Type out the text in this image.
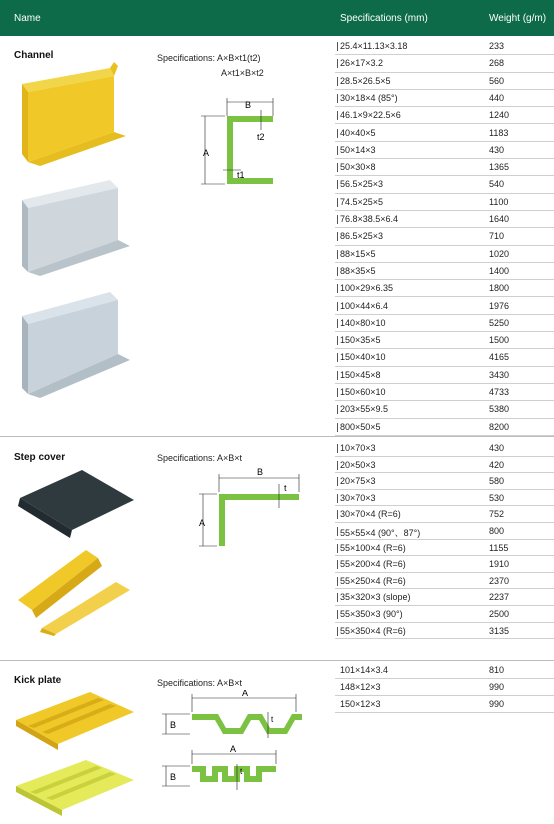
Name	Specifications (mm)	Weight (g/m)
Channel	Specifications: A×B×t1(t2)
A×t1×B×t2
B
A
t2
t1
25.4×11.13×3.18	233
26×17×3.2	268
28.5×26.5×5	560
30×18×4 (85°)	440
46.1×9×22.5×6	1240
40×40×5	1183
50×14×3	430
50×30×8	1365
56.5×25×3	540
74.5×25×5	1100
76.8×38.5×6.4	1640
86.5×25×3	710
88×15×5	1020
88×35×5	1400
100×29×6.35	1800
100×44×6.4	1976
140×80×10	5250
150×35×5	1500
150×40×10	4165
150×45×8	3430
150×60×10	4733
203×55×9.5	5380
800×50×5	8200
Step cover	Specifications: A×B×t
B
A
t
10×70×3	430
20×50×3	420
20×75×3	580
30×70×3	530
30×70×4 (R=6)	752
55×55×4 (90°、87°)	800
55×100×4 (R=6)	1155
55×200×4 (R=6)	1910
55×250×4 (R=6)	2370
35×320×3 (slope)	2237
55×350×3 (90°)	2500
55×350×4 (R=6)	3135
Kick plate	Specifications: A×B×t
A
B
t
A
B
t
101×14×3.4	810
148×12×3	990
150×12×3	990
